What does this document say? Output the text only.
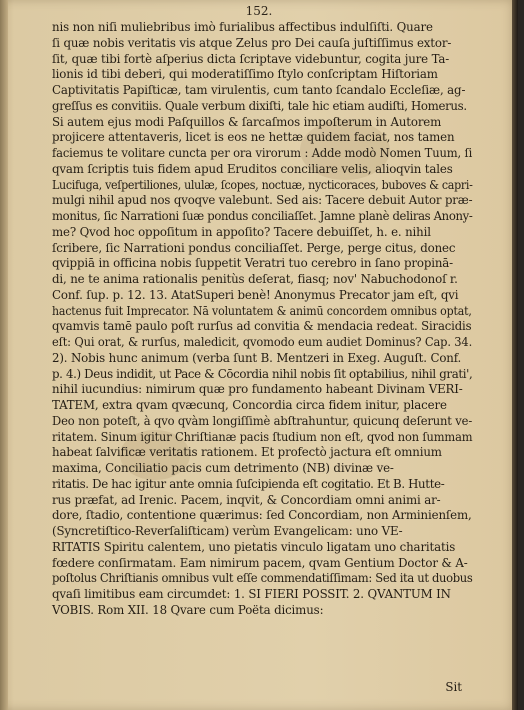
152.
nis non niſi muliebribus imò furialibus affectibus indulſiſti. Quare
ſi quæ nobis veritatis vis atque Zelus pro Dei cauſa juſtiſſimus extor-
ſit, quæ tibi fortè aſperius dicta ſcriptave videbuntur, cogita jure Ta-
lionis id tibi deberi, qui moderatiſſimo ſtylo conſcriptam Hiſtoriam
Captivitatis Papiſticæ, tam virulentis, cum tanto ſcandalo Eccleſiæ, ag-
greſſus es convitiis. Quale verbum dixiſti, tale hic etiam audiſti, Homerus.
Si autem ejus modi Paſquillos & ſarcaſmos impoſterum in Autorem
projicere attentaveris, licet is eos ne hettæ quidem faciat, nos tamen
faciemus te volitare cuncta per ora virorum : Adde modò Nomen Tuum, ſi
qvam ſcriptis tuis fidem apud Eruditos conciliare velis, alioqvin tales
Lucifuga, veſpertiliones, ululæ, ſcopes, noctuæ, nycticoraces, buboves & capri-
mulgi nihil apud nos qvoqve valebunt. Sed ais: Tacere debuit Autor præ-
monitus, ſic Narrationi ſuæ pondus conciliaſſet. Jamne planè deliras Anony-
me? Qvod hoc oppoſitum in appoſito? Tacere debuiſſet, h. e. nihil
ſcribere, ſic Narrationi pondus conciliaſſet. Perge, perge citus, donec
qvippiā in officina nobis ſuppetit Veratri tuo cerebro in ſano propinā-
di, ne te anima rationalis penitùs deſerat, fiasq; nov' Nabuchodonoſ r.
Conf. ſup. p. 12. 13. AtatSuperi benè! Anonymus Precator jam eſt, qvi
hactenus fuit Imprecator. Nā voluntatem & animū concordem omnibus optat,
qvamvis tamē paulo poſt rurſus ad convitia & mendacia redeat. Siracidis
eſt: Qui orat, & rurſus, maledicit, qvomodo eum audiet Dominus? Cap. 34.
2). Nobis hunc animum (verba ſunt B. Mentzeri in Exeg. Auguſt. Conf.
p. 4.) Deus indidit, ut Pace & Cōcordia nihil nobis ſit optabilius, nihil grati',
nihil iucundius: nimirum quæ pro fundamento habeant Divinam VERI-
TATEM, extra qvam qvæcunq, Concordia circa fidem initur, placere
Deo non poteſt, à qvo qvàm longiſſimè abſtrahuntur, quicunq deſerunt ve-
ritatem. Sinum igitur Chriſtianæ pacis ſtudium non eſt, qvod non ſummam
habeat ſalvificæ veritatis rationem. Et profectò jactura eſt omnium
maxima, Conciliatio pacis cum detrimento (NB) divinæ ve-
ritatis. De hac igitur ante omnia ſuſcipienda eſt cogitatio. Et B. Hutte-
rus præfat, ad Irenic. Pacem, inqvit, & Concordiam omni animi ar-
dore, ſtadio, contentione quærimus: ſed Concordiam, non Arminienſem,
(Syncretiſtico-Reverſaliſticam) verùm Evangelicam: uno VE-
RITATIS Spiritu calentem, uno pietatis vinculo ligatam uno charitatis
fœdere conſirmatam. Eam nimirum pacem, qvam Gentium Doctor & A-
poſtolus Chriſtianis omnibus vult eſſe commendatiſſimam: Sed ita ut duobus
qvaſi limitibus eam circumdet: 1. SI FIERI POSSIT. 2. QVANTUM IN
VOBIS. Rom XII. 18 Qvare cum Poëta dicimus:
Sit
